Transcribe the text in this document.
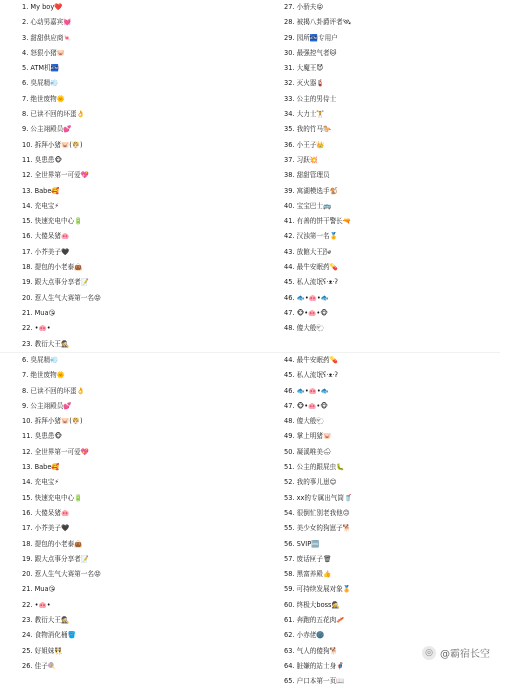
1. My boy❤️
2. 心动男嘉宾💓
3. 甜甜供应商🍬
4. 怒狠小猪🐷
5. ATM机🏧
6. 臭屁精💨
7. 绝世废物🌞
8. 已读不回的坏蛋👌
9. 公主翊殿员💕
10. 拆拜小猪🐷(🤴🏻)
11. 臭患患🐵
12. 全世界第一可爱💖
13. Babe🥰
14. 充电宝⚡
15. 快速充电中心🔋
16. 大傻呆猪🐽
17. 小芥美子🖤
18. 提包的小老泰👜
19. 跟大点事分享者📝
20. 惹人生气大赛第一名😡
21. Mua😘
22. •🐽•
23. 教衍大王🕵
27. 小骄夫😝
28. 被揭八卦爵评者🛰
29. 园所🏧专用户
30. 最强控气者🐱
31. 大魔王😈
32. 灭火器🧯
33. 公主的男侍士
34. 大力士🏋️
35. 我的竹马🐎
36. 小王子👑
37. 习跃💥
38. 甜甜管理员
39. 寓湖模选手🐒
40. 宝宝巴士🚌
41. 有善的饼干警长🔫
42. 汉浊第一名🏅
43. 放館大王🌬
44. 最牛安眠药💊
45. 私人流氓ʕ·ᴥ·ʔ
46. 🐟•🐽•🐟
47. 🐵•🐽•🐵
48. 傻大般🐑
6. 臭屁精💨
7. 绝世废物🌞
8. 已读不回的坏蛋👌
9. 公主翊殿员💕
10. 拆拜小猪🐷(🤴🏻)
11. 臭患患🐵
12. 全世界第一可爱💖
13. Babe🥰
14. 充电宝⚡
15. 快速充电中心🔋
16. 大傻呆猪🐽
17. 小芥美子🖤
18. 提包的小老泰👜
19. 跟大点事分享者📝
20. 惹人生气大赛第一名😡
21. Mua😘
22. •🐽•
23. 教衍大王🕵
24. 食物消化桶🪣
25. 好姐妹👯
26. 佳子🍭
44. 最牛安眠药💊
45. 私人流氓ʕ·ᴥ·ʔ
46. 🐟•🐽•🐟
47. 🐵•🐽•🐵
48. 傻大般🐑
49. 掌上明猪🐷
50. 凝溪唯美🌧
51. 公主的跟屁虫🐛
52. 我的事儿崽😊
53. xx的专属出气筒🥤
54. 很倒忙别老我他🙃
55. 美少女的狗崽子🐕
56. SVIP🆒
57. 废话匣子🗑
58. 黑富养殿👍
59. 可持续发展对象🏅
60. 终极大boss🕵
61. 奔跑的五花肉🥓
62. 小赤佬🌚
63. 气人的傻狗🐕
64. 脏嫌的站士身🦸
65. 户口本第一页📖
◎ @霸宿长空
